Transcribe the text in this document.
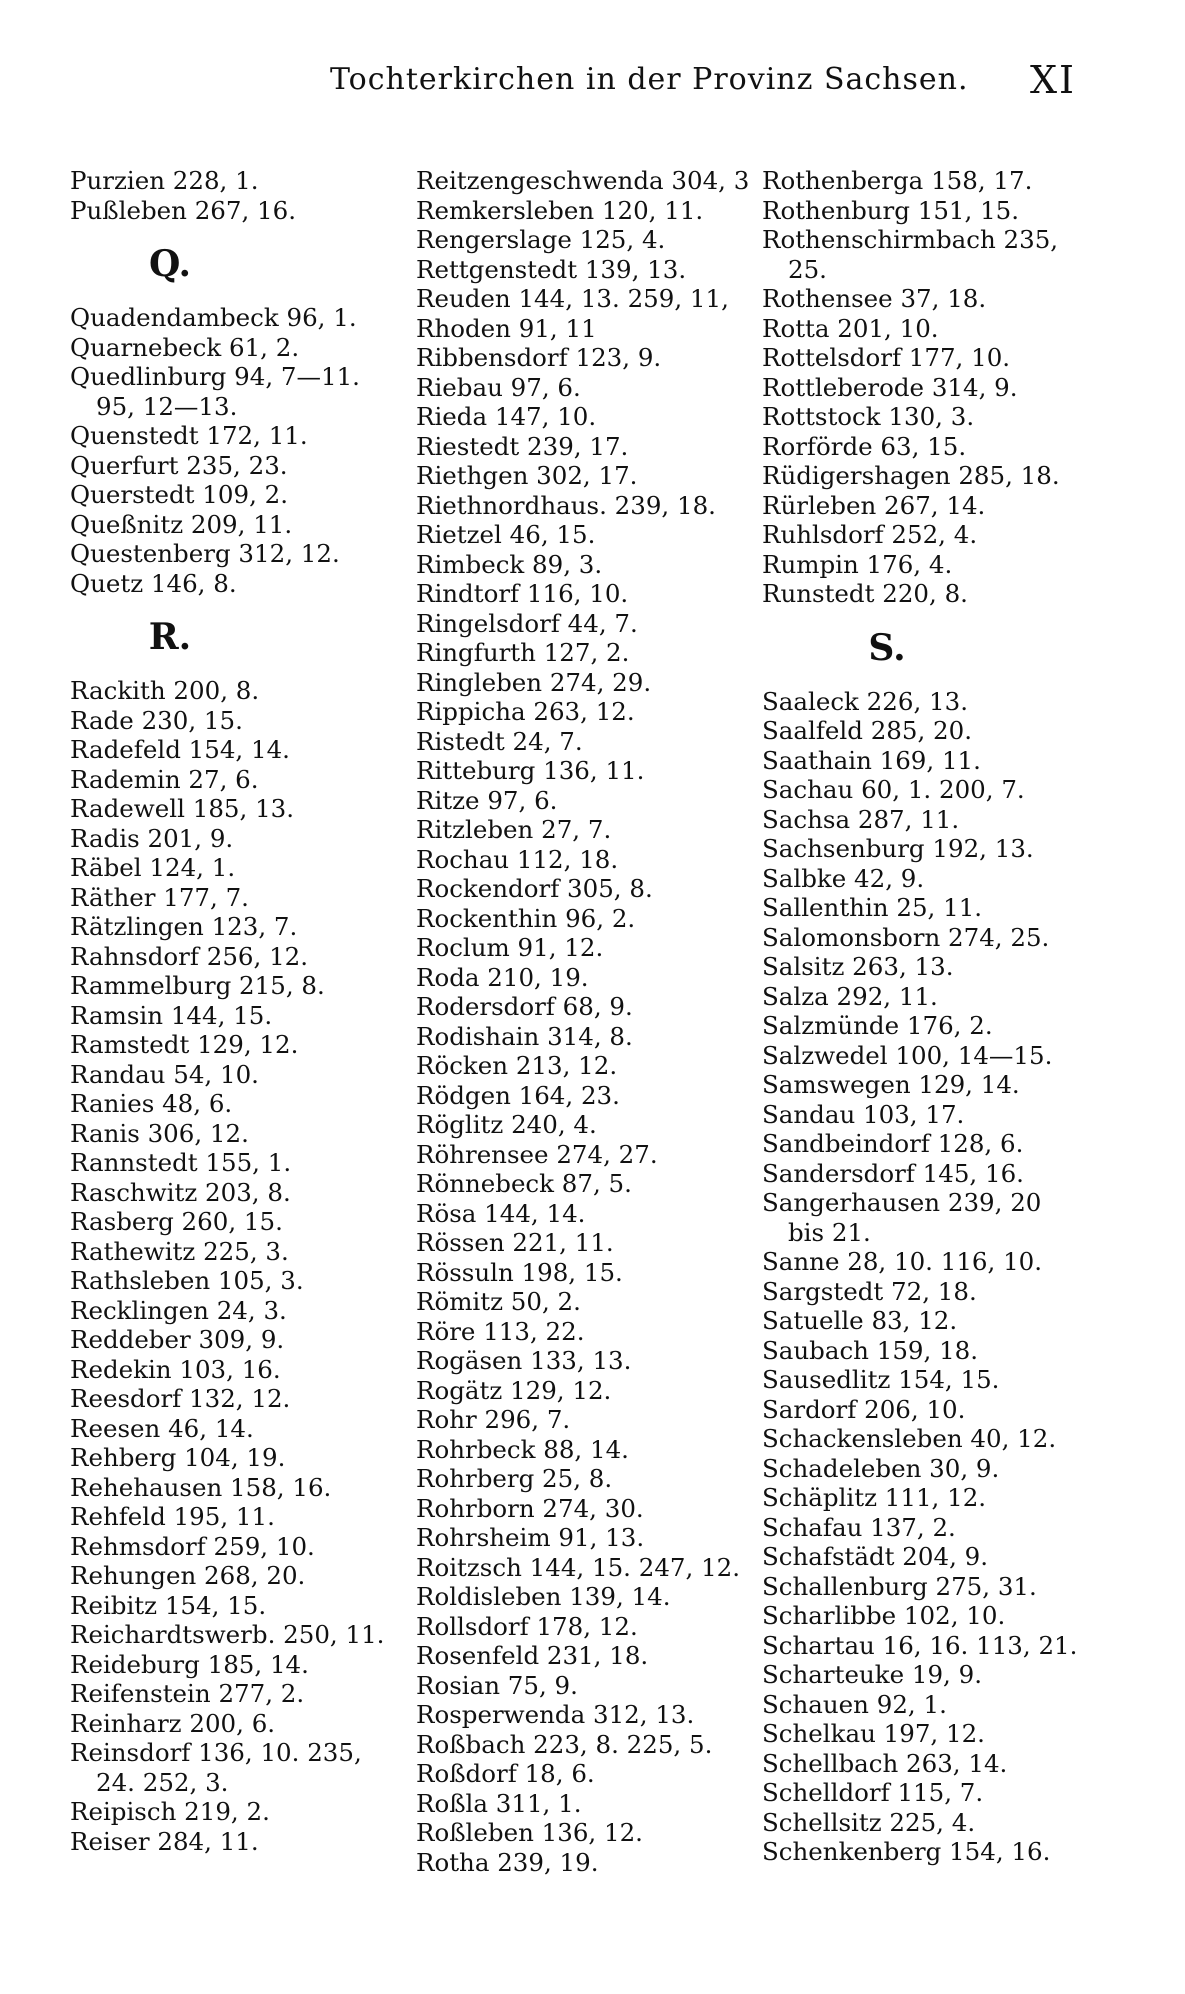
Tochterkirchen in der Provinz Sachsen. XI
Purzien 228, 1.
Pußleben 267, 16.
Q.
Quadendambeck 96, 1.
Quarnebeck 61, 2.
Quedlinburg 94, 7—11.
95, 12—13.
Quenstedt 172, 11.
Querfurt 235, 23.
Querstedt 109, 2.
Queßnitz 209, 11.
Questenberg 312, 12.
Quetz 146, 8.
R.
Rackith 200, 8.
Rade 230, 15.
Radefeld 154, 14.
Rademin 27, 6.
Radewell 185, 13.
Radis 201, 9.
Räbel 124, 1.
Räther 177, 7.
Rätzlingen 123, 7.
Rahnsdorf 256, 12.
Rammelburg 215, 8.
Ramsin 144, 15.
Ramstedt 129, 12.
Randau 54, 10.
Ranies 48, 6.
Ranis 306, 12.
Rannstedt 155, 1.
Raschwitz 203, 8.
Rasberg 260, 15.
Rathewitz 225, 3.
Rathsleben 105, 3.
Recklingen 24, 3.
Reddeber 309, 9.
Redekin 103, 16.
Reesdorf 132, 12.
Reesen 46, 14.
Rehberg 104, 19.
Rehehausen 158, 16.
Rehfeld 195, 11.
Rehmsdorf 259, 10.
Rehungen 268, 20.
Reibitz 154, 15.
Reichardtswerb. 250, 11.
Reideburg 185, 14.
Reifenstein 277, 2.
Reinharz 200, 6.
Reinsdorf 136, 10. 235,
24. 252, 3.
Reipisch 219, 2.
Reiser 284, 11.
Reitzengeschwenda 304, 3
Remkersleben 120, 11.
Rengerslage 125, 4.
Rettgenstedt 139, 13.
Reuden 144, 13. 259, 11,
Rhoden 91, 11
Ribbensdorf 123, 9.
Riebau 97, 6.
Rieda 147, 10.
Riestedt 239, 17.
Riethgen 302, 17.
Riethnordhaus. 239, 18.
Rietzel 46, 15.
Rimbeck 89, 3.
Rindtorf 116, 10.
Ringelsdorf 44, 7.
Ringfurth 127, 2.
Ringleben 274, 29.
Rippicha 263, 12.
Ristedt 24, 7.
Ritteburg 136, 11.
Ritze 97, 6.
Ritzleben 27, 7.
Rochau 112, 18.
Rockendorf 305, 8.
Rockenthin 96, 2.
Roclum 91, 12.
Roda 210, 19.
Rodersdorf 68, 9.
Rodishain 314, 8.
Röcken 213, 12.
Rödgen 164, 23.
Röglitz 240, 4.
Röhrensee 274, 27.
Rönnebeck 87, 5.
Rösa 144, 14.
Rössen 221, 11.
Rössuln 198, 15.
Römitz 50, 2.
Röre 113, 22.
Rogäsen 133, 13.
Rogätz 129, 12.
Rohr 296, 7.
Rohrbeck 88, 14.
Rohrberg 25, 8.
Rohrborn 274, 30.
Rohrsheim 91, 13.
Roitzsch 144, 15. 247, 12.
Roldisleben 139, 14.
Rollsdorf 178, 12.
Rosenfeld 231, 18.
Rosian 75, 9.
Rosperwenda 312, 13.
Roßbach 223, 8. 225, 5.
Roßdorf 18, 6.
Roßla 311, 1.
Roßleben 136, 12.
Rotha 239, 19.
Rothenberga 158, 17.
Rothenburg 151, 15.
Rothenschirmbach 235,
25.
Rothensee 37, 18.
Rotta 201, 10.
Rottelsdorf 177, 10.
Rottleberode 314, 9.
Rottstock 130, 3.
Rorförde 63, 15.
Rüdigershagen 285, 18.
Rürleben 267, 14.
Ruhlsdorf 252, 4.
Rumpin 176, 4.
Runstedt 220, 8.
S.
Saaleck 226, 13.
Saalfeld 285, 20.
Saathain 169, 11.
Sachau 60, 1. 200, 7.
Sachsa 287, 11.
Sachsenburg 192, 13.
Salbke 42, 9.
Sallenthin 25, 11.
Salomonsborn 274, 25.
Salsitz 263, 13.
Salza 292, 11.
Salzmünde 176, 2.
Salzwedel 100, 14—15.
Samswegen 129, 14.
Sandau 103, 17.
Sandbeindorf 128, 6.
Sandersdorf 145, 16.
Sangerhausen 239, 20
bis 21.
Sanne 28, 10. 116, 10.
Sargstedt 72, 18.
Satuelle 83, 12.
Saubach 159, 18.
Sausedlitz 154, 15.
Sardorf 206, 10.
Schackensleben 40, 12.
Schadeleben 30, 9.
Schäplitz 111, 12.
Schafau 137, 2.
Schafstädt 204, 9.
Schallenburg 275, 31.
Scharlibbe 102, 10.
Schartau 16, 16. 113, 21.
Scharteuke 19, 9.
Schauen 92, 1.
Schelkau 197, 12.
Schellbach 263, 14.
Schelldorf 115, 7.
Schellsitz 225, 4.
Schenkenberg 154, 16.
